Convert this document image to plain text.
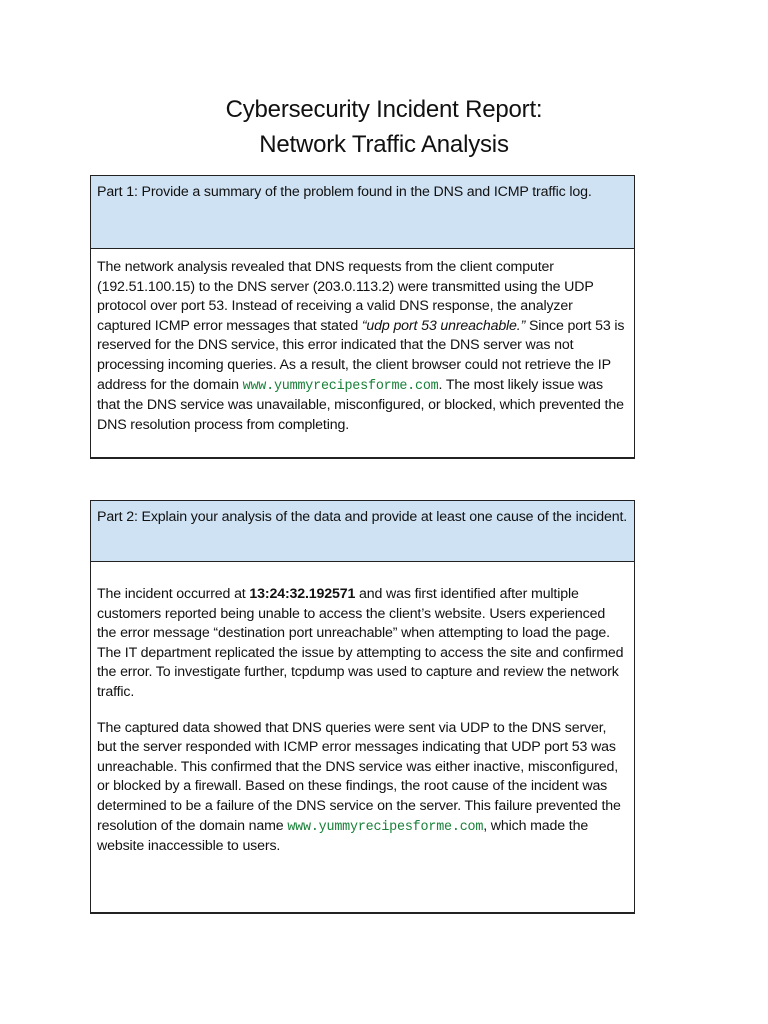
Cybersecurity Incident Report:
Network Traffic Analysis
Part 1: Provide a summary of the problem found in the DNS and ICMP traffic log.

The network analysis revealed that DNS requests from the client computer (192.51.100.15) to the DNS server (203.0.113.2) were transmitted using the UDP protocol over port 53. Instead of receiving a valid DNS response, the analyzer captured ICMP error messages that stated “udp port 53 unreachable.” Since port 53 is reserved for the DNS service, this error indicated that the DNS server was not processing incoming queries. As a result, the client browser could not retrieve the IP address for the domain www.yummyrecipesforme.com. The most likely issue was that the DNS service was unavailable, misconfigured, or blocked, which prevented the DNS resolution process from completing.

Part 2: Explain your analysis of the data and provide at least one cause of the incident.

The incident occurred at 13:24:32.192571 and was first identified after multiple customers reported being unable to access the client’s website. Users experienced the error message “destination port unreachable” when attempting to load the page. The IT department replicated the issue by attempting to access the site and confirmed the error. To investigate further, tcpdump was used to capture and review the network traffic.

The captured data showed that DNS queries were sent via UDP to the DNS server, but the server responded with ICMP error messages indicating that UDP port 53 was unreachable. This confirmed that the DNS service was either inactive, misconfigured, or blocked by a firewall. Based on these findings, the root cause of the incident was determined to be a failure of the DNS service on the server. This failure prevented the resolution of the domain name www.yummyrecipesforme.com, which made the website inaccessible to users.
